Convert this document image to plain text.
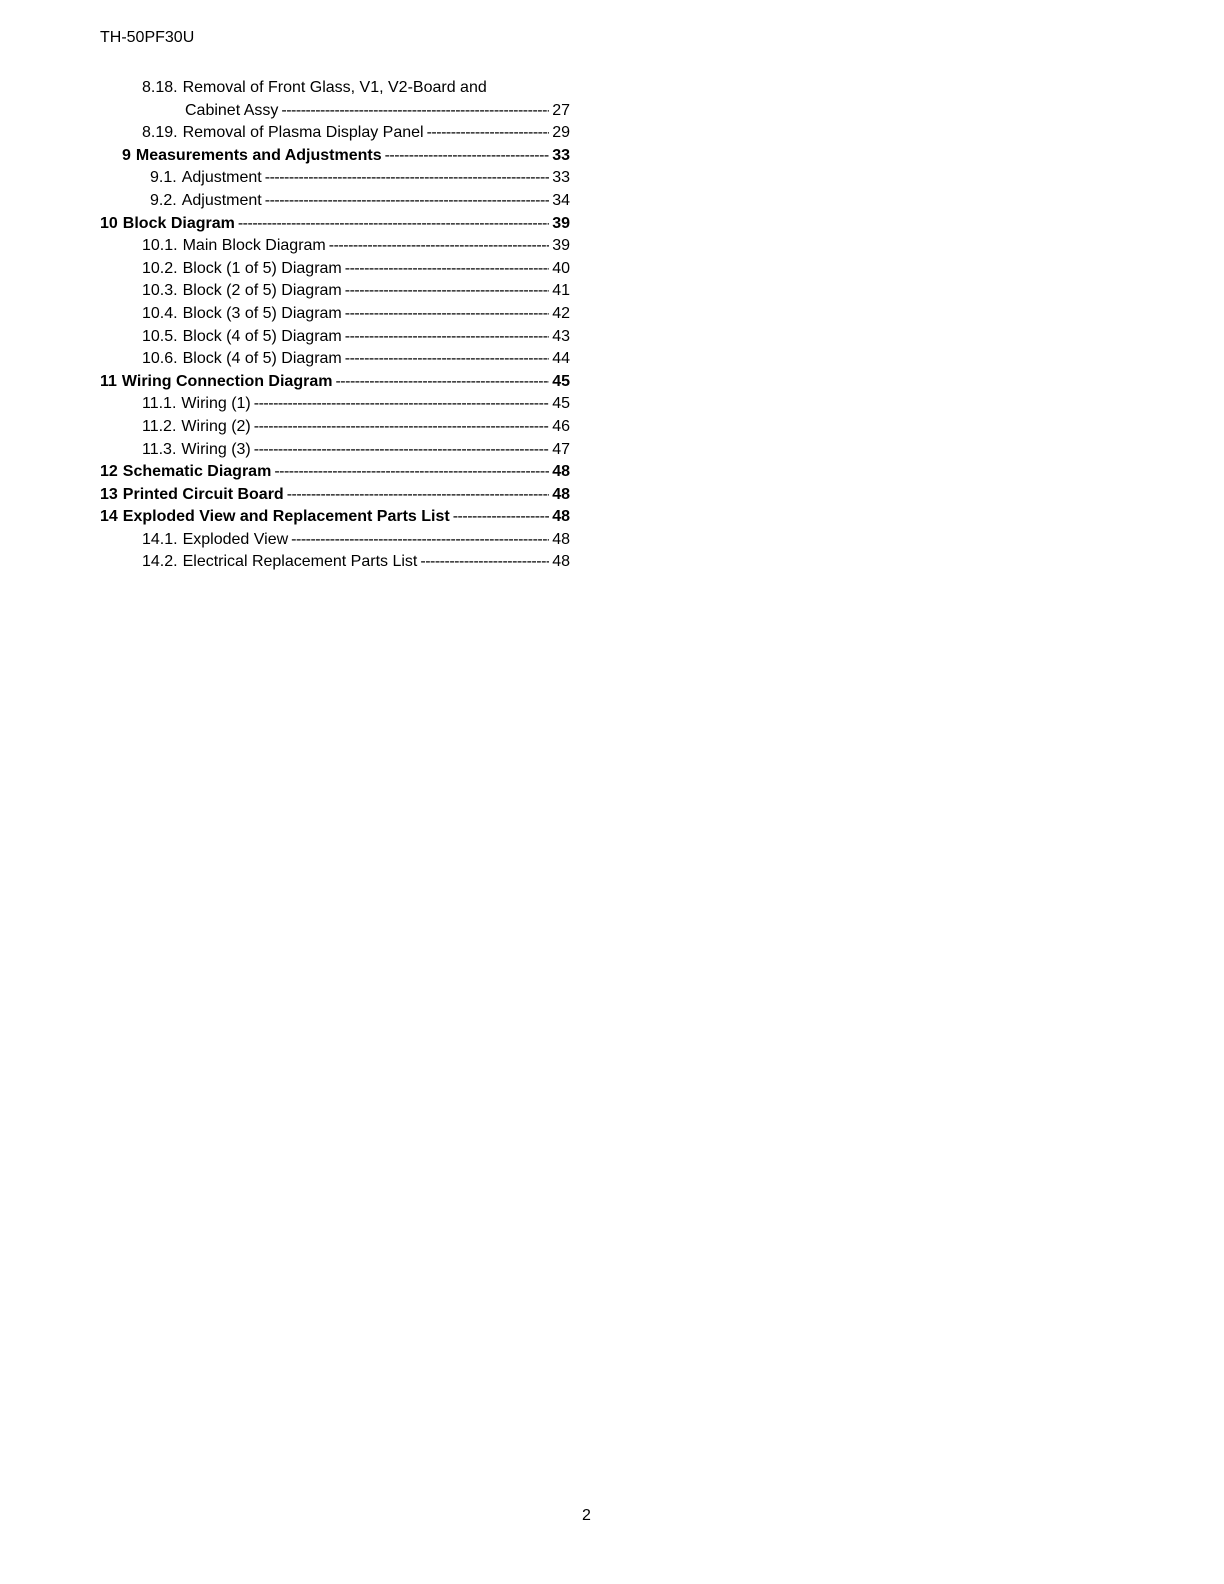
TH-50PF30U
8.18. Removal of Front Glass, V1, V2-Board and
Cabinet Assy -----	27
8.19. Removal of Plasma Display Panel -----	29
9 Measurements and Adjustments -----	33
9.1. Adjustment -----	33
9.2. Adjustment -----	34
10 Block Diagram -----	39
10.1. Main Block Diagram -----	39
10.2. Block (1 of 5) Diagram -----	40
10.3. Block (2 of 5) Diagram -----	41
10.4. Block (3 of 5) Diagram -----	42
10.5. Block (4 of 5) Diagram -----	43
10.6. Block (4 of 5) Diagram -----	44
11 Wiring Connection Diagram -----	45
11.1. Wiring (1) -----	45
11.2. Wiring (2) -----	46
11.3. Wiring (3) -----	47
12 Schematic Diagram -----	48
13 Printed Circuit Board -----	48
14 Exploded View and Replacement Parts List -----	48
14.1. Exploded View -----	48
14.2. Electrical Replacement Parts List -----	48
2
